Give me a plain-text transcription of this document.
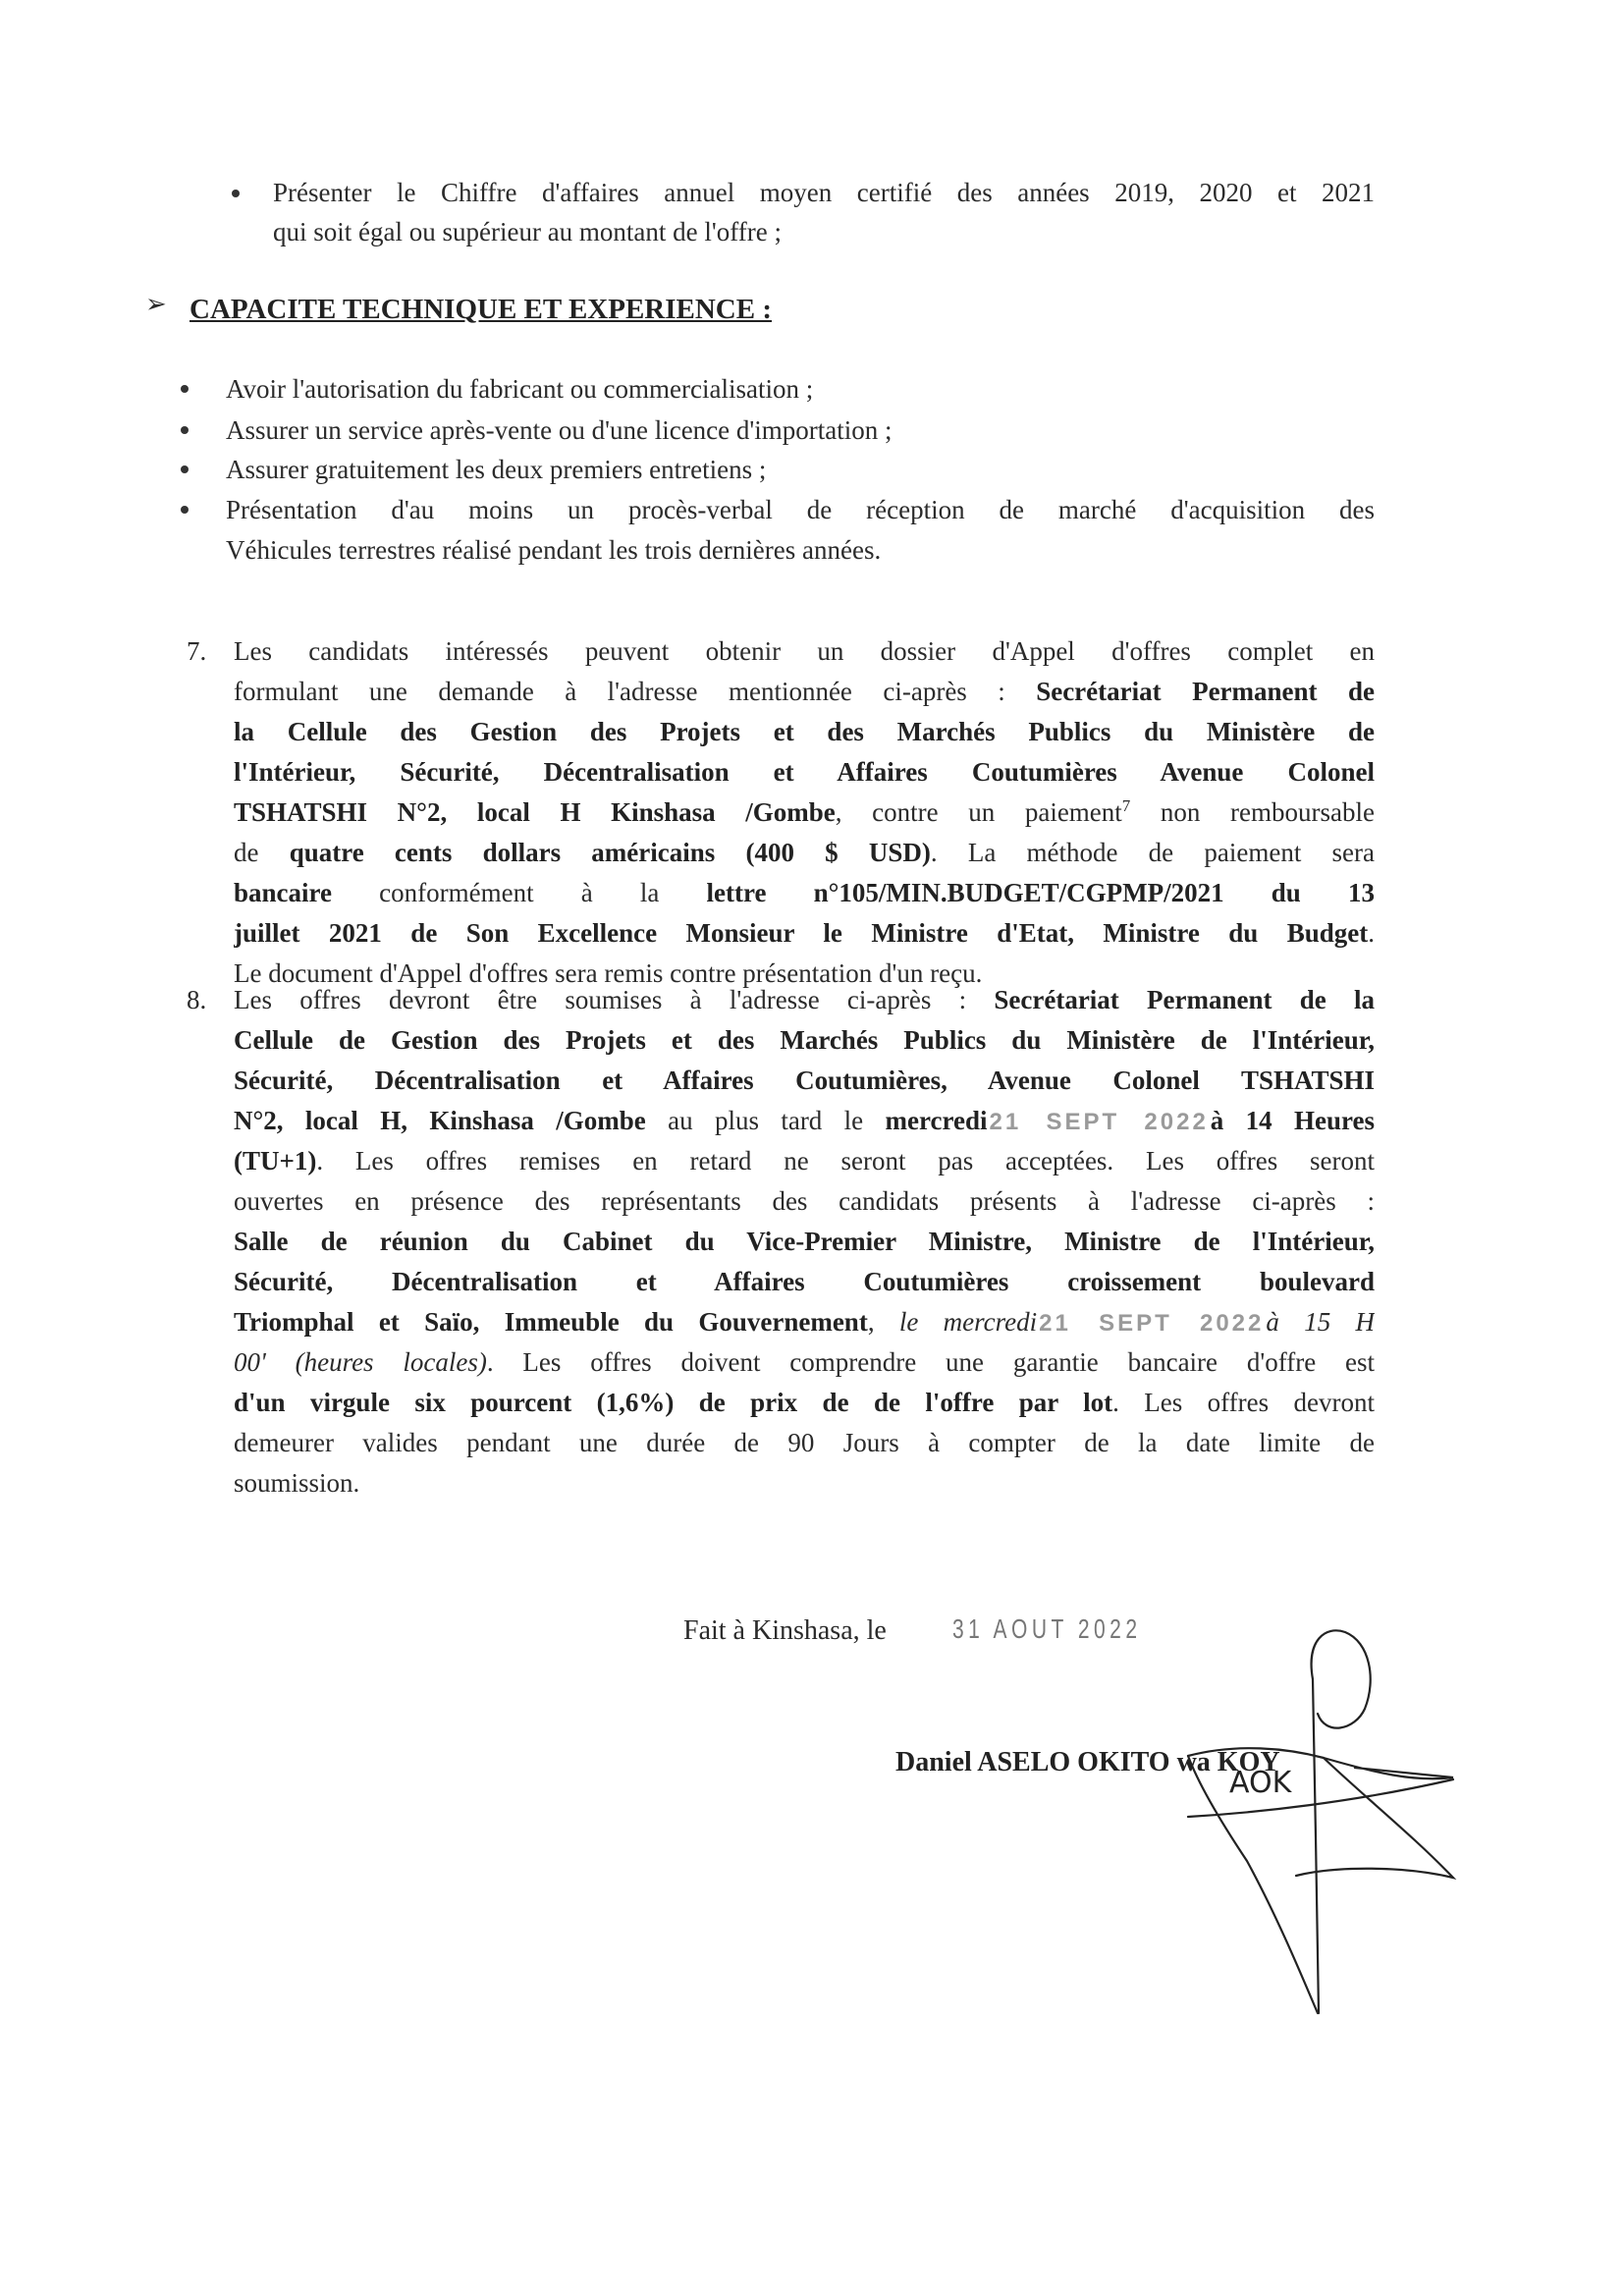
Présenter le Chiffre d'affaires annuel moyen certifié des années 2019, 2020 et 2021
qui soit égal ou supérieur au montant de l'offre ;
➢ CAPACITE TECHNIQUE ET EXPERIENCE :
Avoir l'autorisation du fabricant ou commercialisation ;
Assurer un service après-vente ou d'une licence d'importation ;
Assurer gratuitement les deux premiers entretiens ;
Présentation d'au moins un procès-verbal de réception de marché d'acquisition des
Véhicules terrestres réalisé pendant les trois dernières années.
7. Les candidats intéressés peuvent obtenir un dossier d'Appel d'offres complet en
formulant une demande à l'adresse mentionnée ci-après : Secrétariat Permanent de
la Cellule des Gestion des Projets et des Marchés Publics du Ministère de
l'Intérieur, Sécurité, Décentralisation et Affaires Coutumières Avenue Colonel
TSHATSHI N°2, local H Kinshasa /Gombe, contre un paiement$^7$ non remboursable
de quatre cents dollars américains (400 $ USD). La méthode de paiement sera
bancaire conformément à la lettre n°105/MIN.BUDGET/CGPMP/2021 du 13
juillet 2021 de Son Excellence Monsieur le Ministre d'Etat, Ministre du Budget.
Le document d'Appel d'offres sera remis contre présentation d'un reçu.
8. Les offres devront être soumises à l'adresse ci-après : Secrétariat Permanent de la
Cellule de Gestion des Projets et des Marchés Publics du Ministère de l'Intérieur,
Sécurité, Décentralisation et Affaires Coutumières, Avenue Colonel TSHATSHI
N°2, local H, Kinshasa /Gombe au plus tard le mercredi21 SEPT 2022à 14 Heures
(TU+1). Les offres remises en retard ne seront pas acceptées. Les offres seront
ouvertes en présence des représentants des candidats présents à l'adresse ci-après :
Salle de réunion du Cabinet du Vice-Premier Ministre, Ministre de l'Intérieur,
Sécurité, Décentralisation et Affaires Coutumières croissement boulevard
Triomphal et Saïo, Immeuble du Gouvernement, le mercredi21 SEPT 2022à 15 H
00' (heures locales). Les offres doivent comprendre une garantie bancaire d'offre est
d'un virgule six pourcent (1,6%) de prix de de l'offre par lot. Les offres devront
demeurer valides pendant une durée de 90 Jours à compter de la date limite de
soumission.
Fait à Kinshasa, le 31 AOUT 2022
Daniel ASELO OKITO wa KOY
AOK
